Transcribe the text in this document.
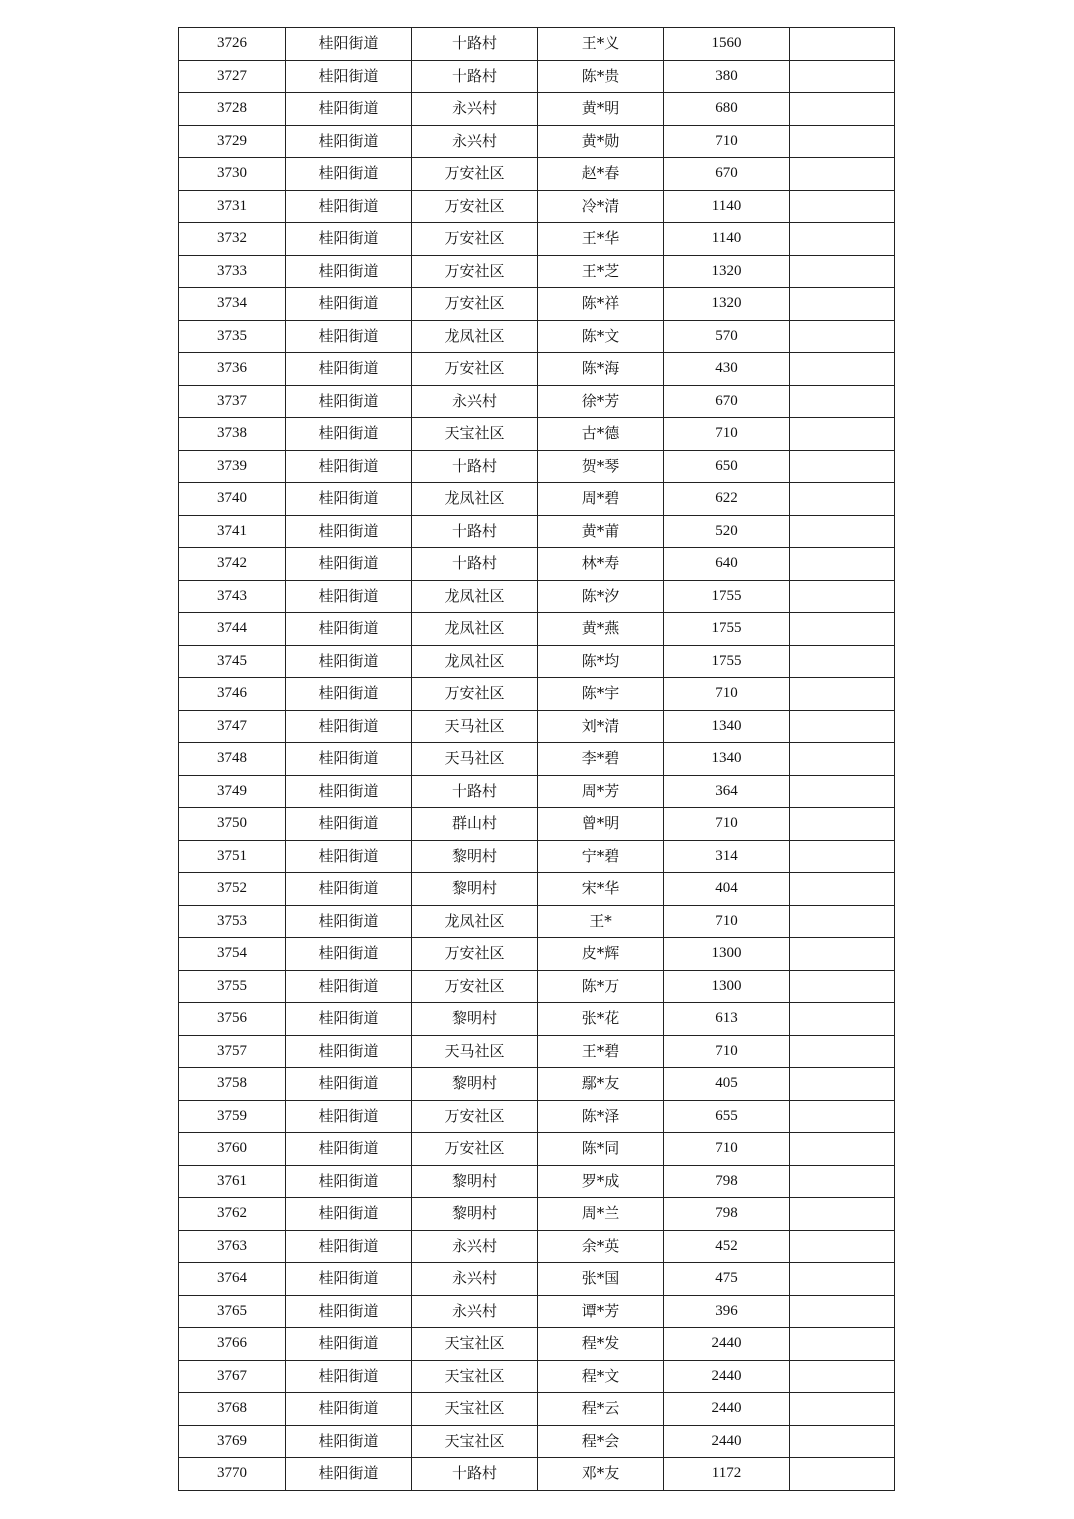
3726	桂阳街道	十路村	王*义	1560	
3727	桂阳街道	十路村	陈*贵	380	
3728	桂阳街道	永兴村	黄*明	680	
3729	桂阳街道	永兴村	黄*勋	710	
3730	桂阳街道	万安社区	赵*春	670	
3731	桂阳街道	万安社区	冷*清	1140	
3732	桂阳街道	万安社区	王*华	1140	
3733	桂阳街道	万安社区	王*芝	1320	
3734	桂阳街道	万安社区	陈*祥	1320	
3735	桂阳街道	龙凤社区	陈*文	570	
3736	桂阳街道	万安社区	陈*海	430	
3737	桂阳街道	永兴村	徐*芳	670	
3738	桂阳街道	天宝社区	古*德	710	
3739	桂阳街道	十路村	贺*琴	650	
3740	桂阳街道	龙凤社区	周*碧	622	
3741	桂阳街道	十路村	黄*莆	520	
3742	桂阳街道	十路村	林*寿	640	
3743	桂阳街道	龙凤社区	陈*汐	1755	
3744	桂阳街道	龙凤社区	黄*燕	1755	
3745	桂阳街道	龙凤社区	陈*均	1755	
3746	桂阳街道	万安社区	陈*宇	710	
3747	桂阳街道	天马社区	刘*清	1340	
3748	桂阳街道	天马社区	李*碧	1340	
3749	桂阳街道	十路村	周*芳	364	
3750	桂阳街道	群山村	曾*明	710	
3751	桂阳街道	黎明村	宁*碧	314	
3752	桂阳街道	黎明村	宋*华	404	
3753	桂阳街道	龙凤社区	王*	710	
3754	桂阳街道	万安社区	皮*辉	1300	
3755	桂阳街道	万安社区	陈*万	1300	
3756	桂阳街道	黎明村	张*花	613	
3757	桂阳街道	天马社区	王*碧	710	
3758	桂阳街道	黎明村	鄢*友	405	
3759	桂阳街道	万安社区	陈*泽	655	
3760	桂阳街道	万安社区	陈*同	710	
3761	桂阳街道	黎明村	罗*成	798	
3762	桂阳街道	黎明村	周*兰	798	
3763	桂阳街道	永兴村	余*英	452	
3764	桂阳街道	永兴村	张*国	475	
3765	桂阳街道	永兴村	谭*芳	396	
3766	桂阳街道	天宝社区	程*发	2440	
3767	桂阳街道	天宝社区	程*文	2440	
3768	桂阳街道	天宝社区	程*云	2440	
3769	桂阳街道	天宝社区	程*会	2440	
3770	桂阳街道	十路村	邓*友	1172	
